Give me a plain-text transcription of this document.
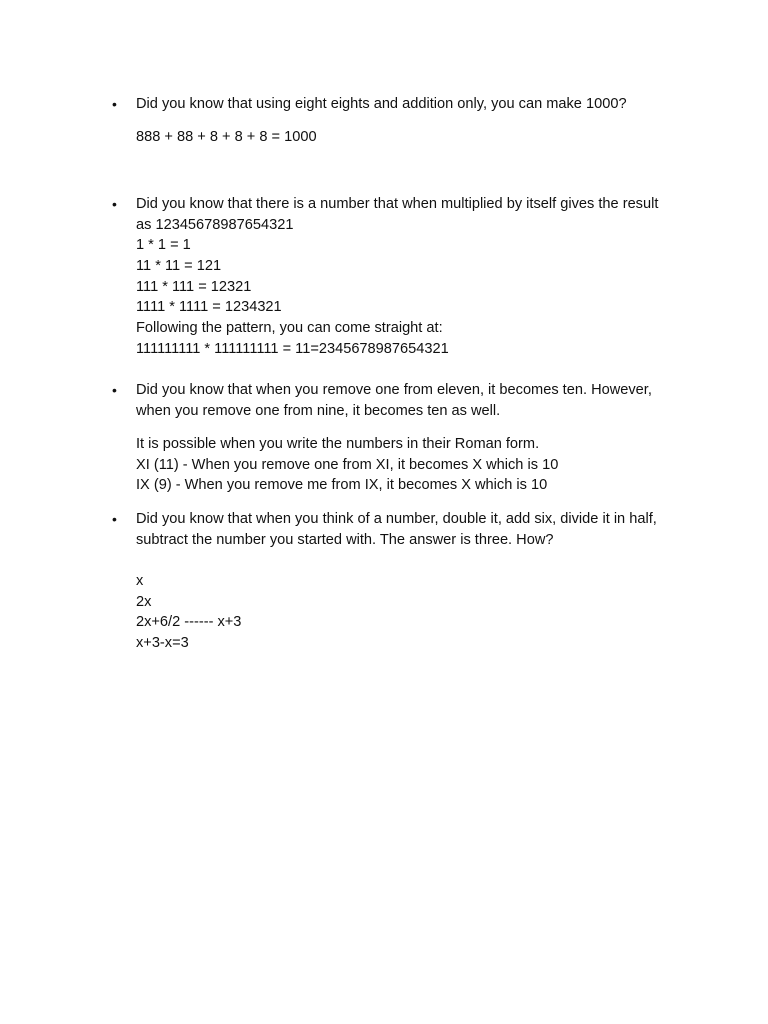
• Did you know that using eight eights and addition only, you can make 1000?
888 + 88 + 8 + 8 + 8 = 1000
• Did you know that there is a number that when multiplied by itself gives the result
as 12345678987654321
1 * 1 = 1
11 * 11 = 121
111 * 111 = 12321
1111 * 1111 = 1234321
Following the pattern, you can come straight at:
111111111 * 111111111 = 11=2345678987654321
• Did you know that when you remove one from eleven, it becomes ten. However,
when you remove one from nine, it becomes ten as well.
It is possible when you write the numbers in their Roman form.
XI (11) - When you remove one from XI, it becomes X which is 10
IX (9) - When you remove me from IX, it becomes X which is 10
• Did you know that when you think of a number, double it, add six, divide it in half,
subtract the number you started with. The answer is three. How?
x
2x
2x+6/2 ------ x+3
x+3-x=3
